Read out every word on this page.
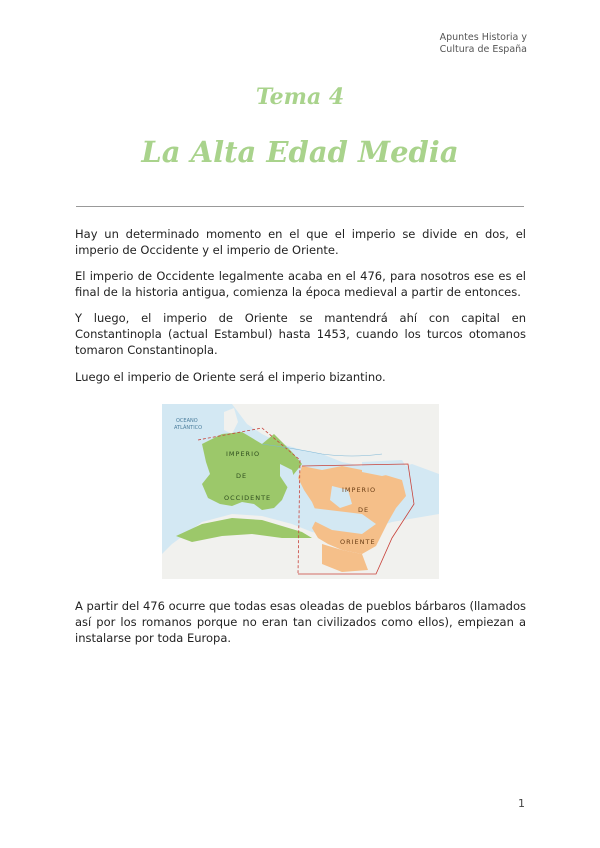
Apuntes Historia y
Cultura de España
Tema 4
La Alta Edad Media

Hay un determinado momento en el que el imperio se divide en dos, el imperio de Occidente y el imperio de Oriente.

El imperio de Occidente legalmente acaba en el 476, para nosotros ese es el final de la historia antigua, comienza la época medieval a partir de entonces.

Y luego, el imperio de Oriente se mantendrá ahí con capital en Constantinopla (actual Estambul) hasta 1453, cuando los turcos otomanos tomaron Constantinopla.

Luego el imperio de Oriente será el imperio bizantino.

OCEANO
ATLÁNTICO
IMPERIO
DE
OCCIDENTE
IMPERIO
DE
ORIENTE

A partir del 476 ocurre que todas esas oleadas de pueblos bárbaros (llamados así por los romanos porque no eran tan civilizados como ellos), empiezan a instalarse por toda Europa.

1
